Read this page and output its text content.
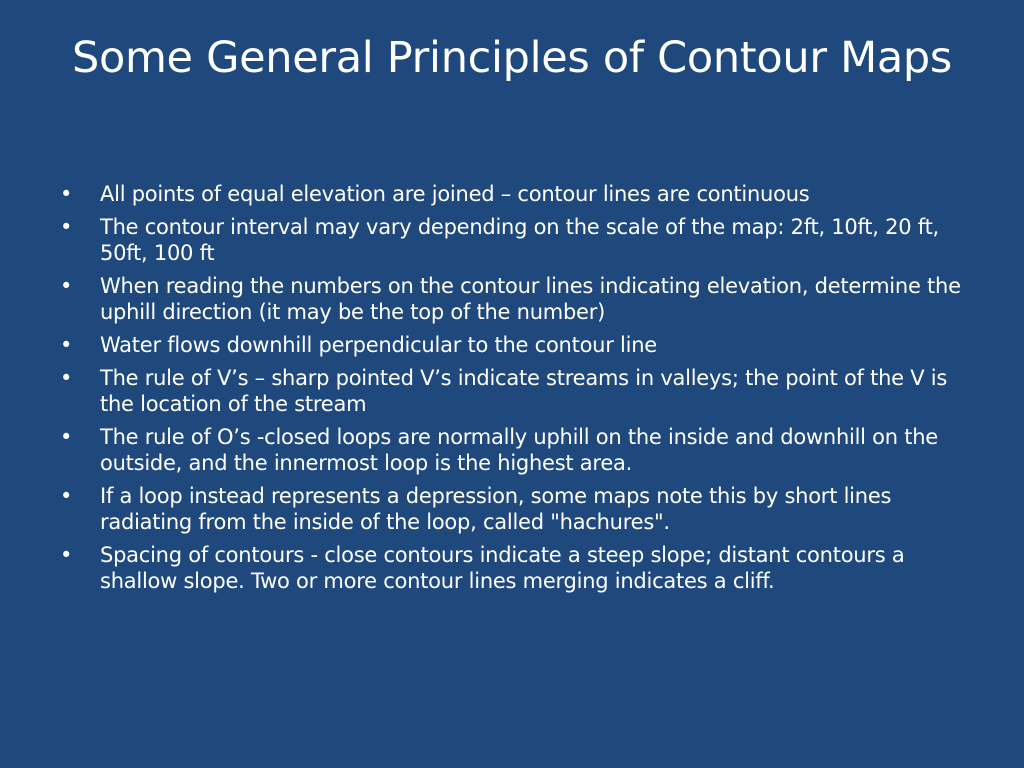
Some General Principles of Contour Maps
•	All points of equal elevation are joined – contour lines are continuous
•	The contour interval may vary depending on the scale of the map: 2ft, 10ft, 20 ft, 50ft, 100 ft
•	When reading the numbers on the contour lines indicating elevation, determine the uphill direction (it may be the top of the number)
•	Water flows downhill perpendicular to the contour line
•	The rule of V’s – sharp pointed V’s indicate streams in valleys; the point of the V is the location of the stream
•	The rule of O’s -closed loops are normally uphill on the inside and downhill on the outside, and the innermost loop is the highest area.
•	If a loop instead represents a depression, some maps note this by short lines radiating from the inside of the loop, called "hachures".
•	Spacing of contours - close contours indicate a steep slope; distant contours a shallow slope. Two or more contour lines merging indicates a cliff.
